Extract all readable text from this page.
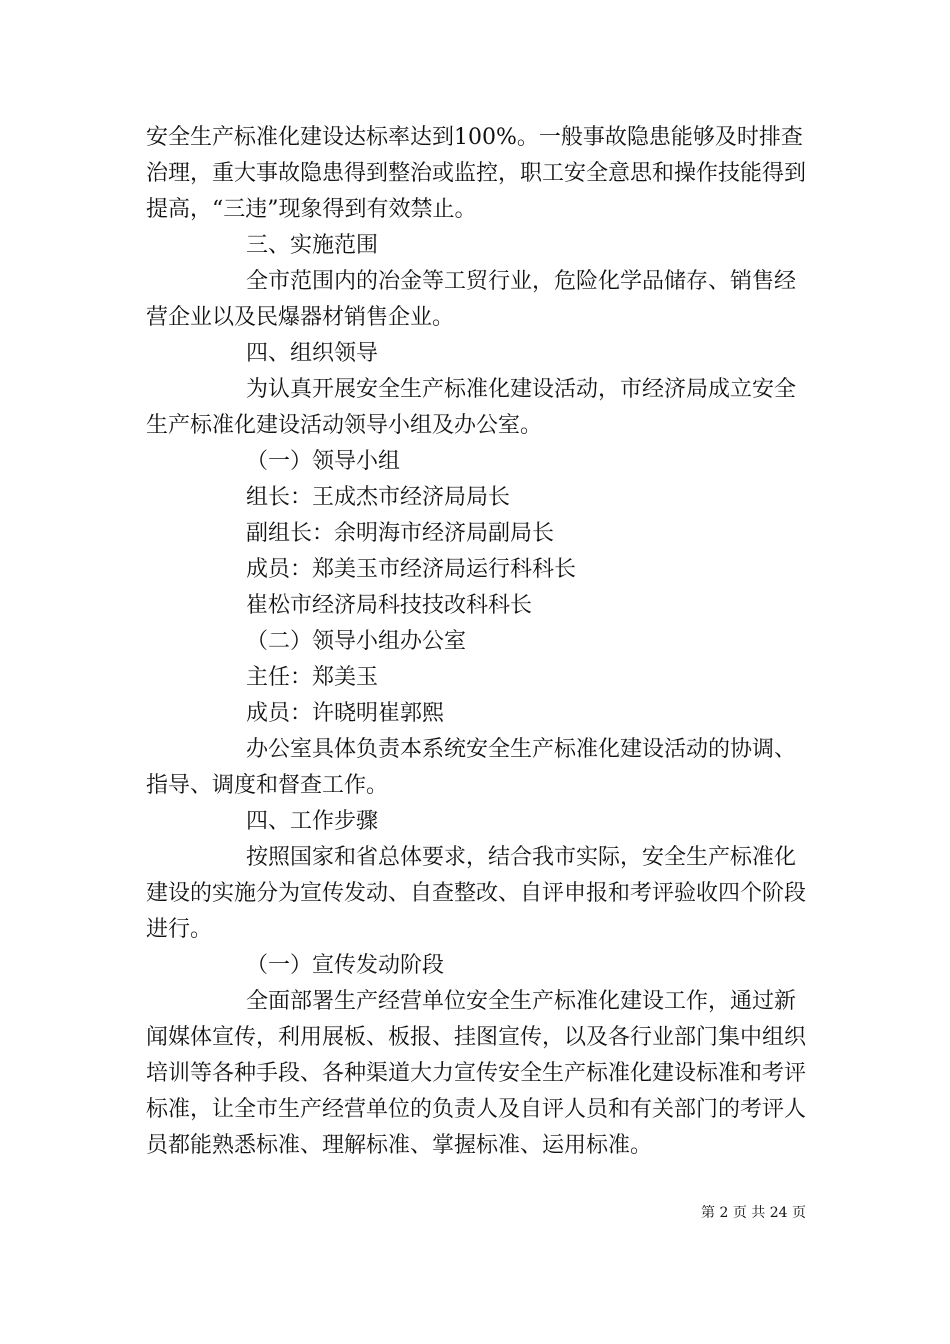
安全生产标准化建设达标率达到100%。一般事故隐患能够及时排查治理，重大事故隐患得到整治或监控，职工安全意思和操作技能得到提高，“三违”现象得到有效禁止。

三、实施范围

全市范围内的冶金等工贸行业，危险化学品储存、销售经营企业以及民爆器材销售企业。

四、组织领导

为认真开展安全生产标准化建设活动，市经济局成立安全生产标准化建设活动领导小组及办公室。

（一）领导小组

组长：王成杰市经济局局长

副组长：余明海市经济局副局长

成员：郑美玉市经济局运行科科长

崔松市经济局科技技改科科长

（二）领导小组办公室

主任：郑美玉

成员：许晓明崔郭熙

办公室具体负责本系统安全生产标准化建设活动的协调、指导、调度和督查工作。

四、工作步骤

按照国家和省总体要求，结合我市实际，安全生产标准化建设的实施分为宣传发动、自查整改、自评申报和考评验收四个阶段进行。

（一）宣传发动阶段

全面部署生产经营单位安全生产标准化建设工作，通过新闻媒体宣传，利用展板、板报、挂图宣传，以及各行业部门集中组织培训等各种手段、各种渠道大力宣传安全生产标准化建设标准和考评标准，让全市生产经营单位的负责人及自评人员和有关部门的考评人员都能熟悉标准、理解标准、掌握标准、运用标准。

第 2 页 共 24 页
